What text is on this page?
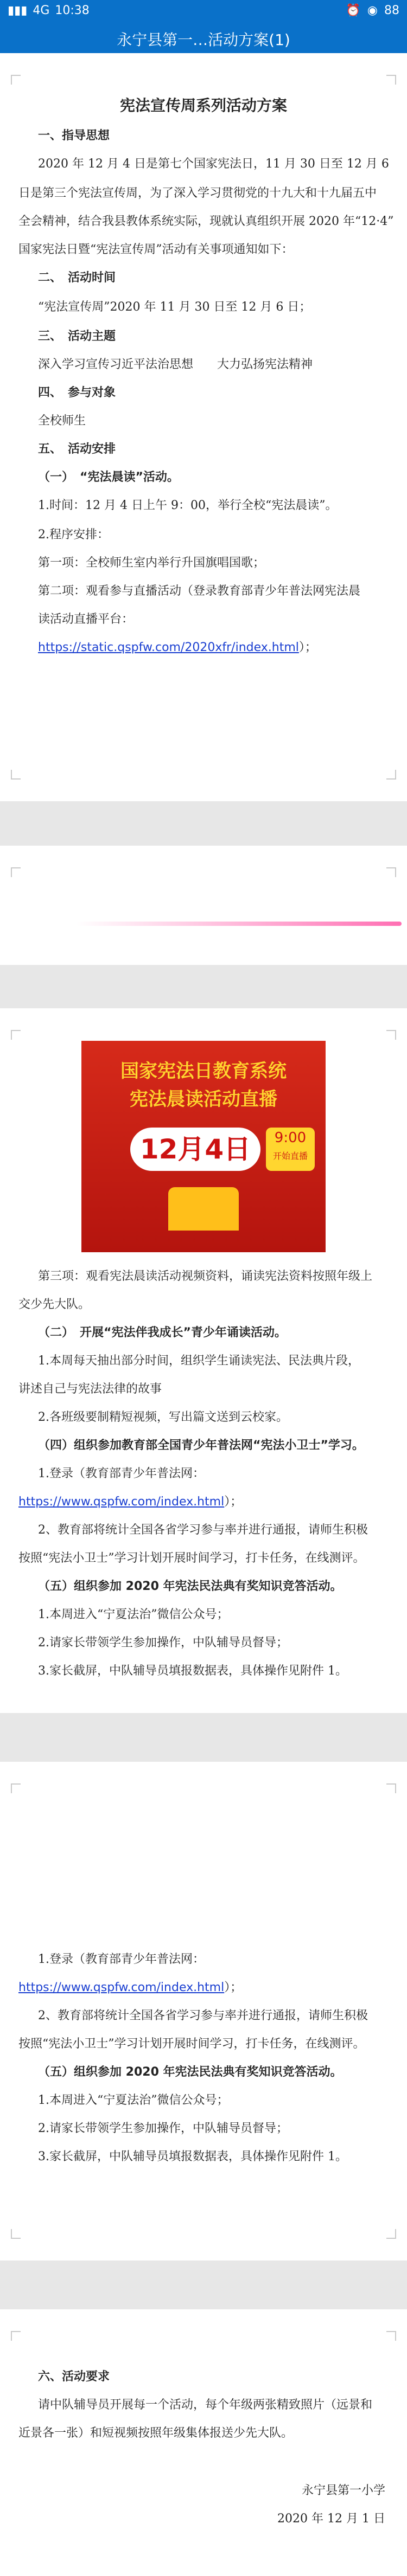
▮▮▮ 4G 10:38	⏰ ◉ 88
永宁县第一…活动方案(1)
宪法宣传周系列活动方案
一、指导思想
2020 年 12 月 4 日是第七个国家宪法日，11 月 30 日至 12 月 6
日是第三个宪法宣传周，为了深入学习贯彻党的十九大和十九届五中
全会精神，结合我县教体系统实际，现就认真组织开展 2020 年“12·4”
国家宪法日暨“宪法宣传周”活动有关事项通知如下：
二、　活动时间
“宪法宣传周”2020 年 11 月 30 日至 12 月 6 日；
三、　活动主题
深入学习宣传习近平法治思想　　大力弘扬宪法精神
四、　参与对象
全校师生
五、　活动安排
（一）　“宪法晨读”活动。
1.时间：12 月 4 日上午 9：00，举行全校“宪法晨读”。
2.程序安排：
第一项：全校师生室内举行升国旗唱国歌；
第二项：观看参与直播活动（登录教育部青少年普法网宪法晨
读活动直播平台：
https://static.qspfw.com/2020xfr/index.html）；
国家宪法日教育系统
宪法晨读活动直播
12月4日	9:00
开始直播
第三项：观看宪法晨读活动视频资料，诵读宪法资料按照年级上
交少先大队。
（二）　开展“宪法伴我成长”青少年诵读活动。
1.本周每天抽出部分时间，组织学生诵读宪法、民法典片段，
讲述自己与宪法法律的故事
2.各班级要制精短视频，写出篇文送到云校家。
（四）组织参加教育部全国青少年普法网“宪法小卫士”学习。
1.登录（教育部青少年普法网：
https://www.qspfw.com/index.html）；
2、教育部将统计全国各省学习参与率并进行通报，请师生积极
按照“宪法小卫士”学习计划开展时间学习，打卡任务，在线测评。
（五）组织参加 2020 年宪法民法典有奖知识竞答活动。
1.本周进入“宁夏法治”微信公众号；
2.请家长带领学生参加操作，中队辅导员督导；
3.家长截屏，中队辅导员填报数据表，具体操作见附件 1。
1.登录（教育部青少年普法网：
https://www.qspfw.com/index.html）；
2、教育部将统计全国各省学习参与率并进行通报，请师生积极
按照“宪法小卫士”学习计划开展时间学习，打卡任务，在线测评。
（五）组织参加 2020 年宪法民法典有奖知识竞答活动。
1.本周进入“宁夏法治”微信公众号；
2.请家长带领学生参加操作，中队辅导员督导；
3.家长截屏，中队辅导员填报数据表，具体操作见附件 1。
六、活动要求
请中队辅导员开展每一个活动，每个年级两张精致照片（远景和
近景各一张）和短视频按照年级集体报送少先大队。
永宁县第一小学
2020 年 12 月 1 日
